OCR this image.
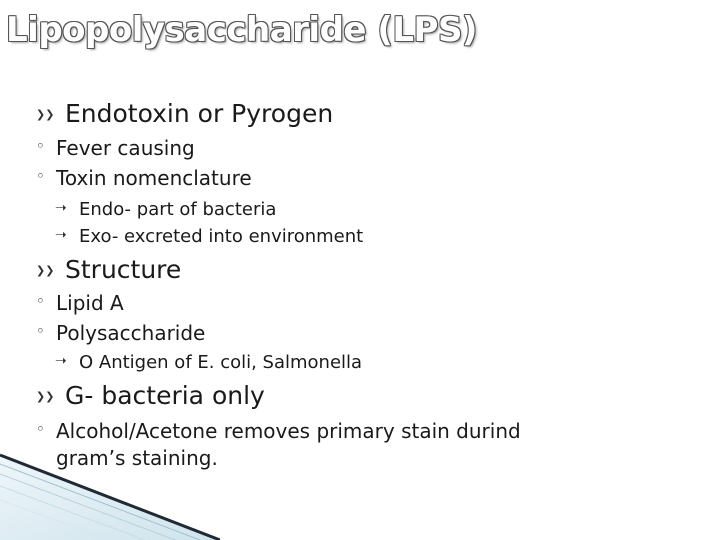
Lipopolysaccharide (LPS)
❯❯ Endotoxin or Pyrogen
◦ Fever causing
◦ Toxin nomenclature
➝ Endo- part of bacteria
➝ Exo- excreted into environment
❯❯ Structure
◦ Lipid A
◦ Polysaccharide
➝ O Antigen of E. coli, Salmonella
❯❯ G- bacteria only
◦ Alcohol/Acetone removes primary stain durind
gram’s staining.
